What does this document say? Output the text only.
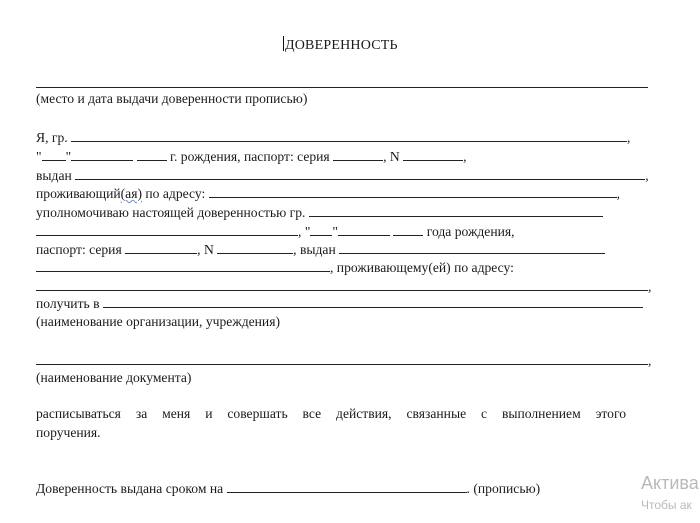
ДОВЕРЕННОСТЬ
(место и дата выдачи доверенности прописью)
Я, гр.	,
" "	г. рождения, паспорт: серия	, N	,
выдан	,
проживающий(ая) по адресу:	,
уполномочиваю настоящей доверенностью гр.
, " "	года рождения,
паспорт: серия	, N	, выдан
, проживающему(ей) по адресу:
,
получить в
(наименование организации, учреждения)
,
(наименование документа)
расписываться за меня и совершать все действия, связанные с выполнением этого
поручения.
Доверенность выдана сроком на	. (прописью)	Актива
Чтобы ак
